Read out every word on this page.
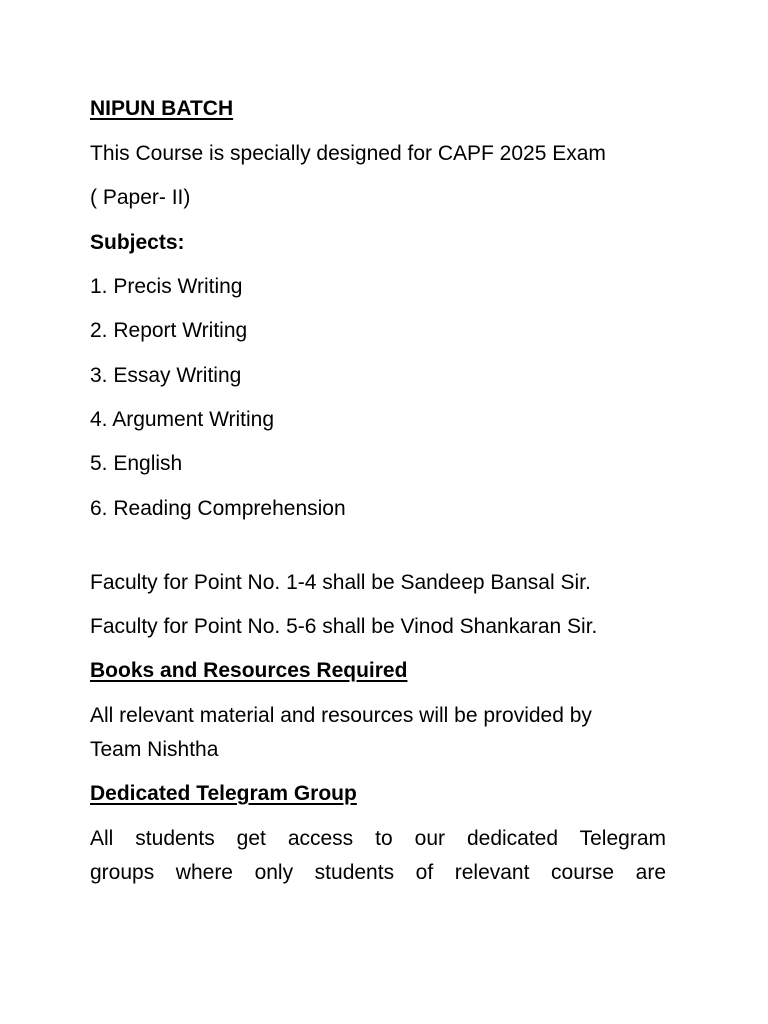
NIPUN BATCH
This Course is specially designed for CAPF 2025 Exam
( Paper- II)
Subjects:
1. Precis Writing
2. Report Writing
3. Essay Writing
4. Argument Writing
5. English
6. Reading Comprehension
Faculty for Point No. 1-4 shall be Sandeep Bansal Sir.
Faculty for Point No. 5-6 shall be Vinod Shankaran Sir.
Books and Resources Required
All relevant material and resources will be provided by
Team Nishtha
Dedicated Telegram Group
All students get access to our dedicated Telegram
groups where only students of relevant course are
